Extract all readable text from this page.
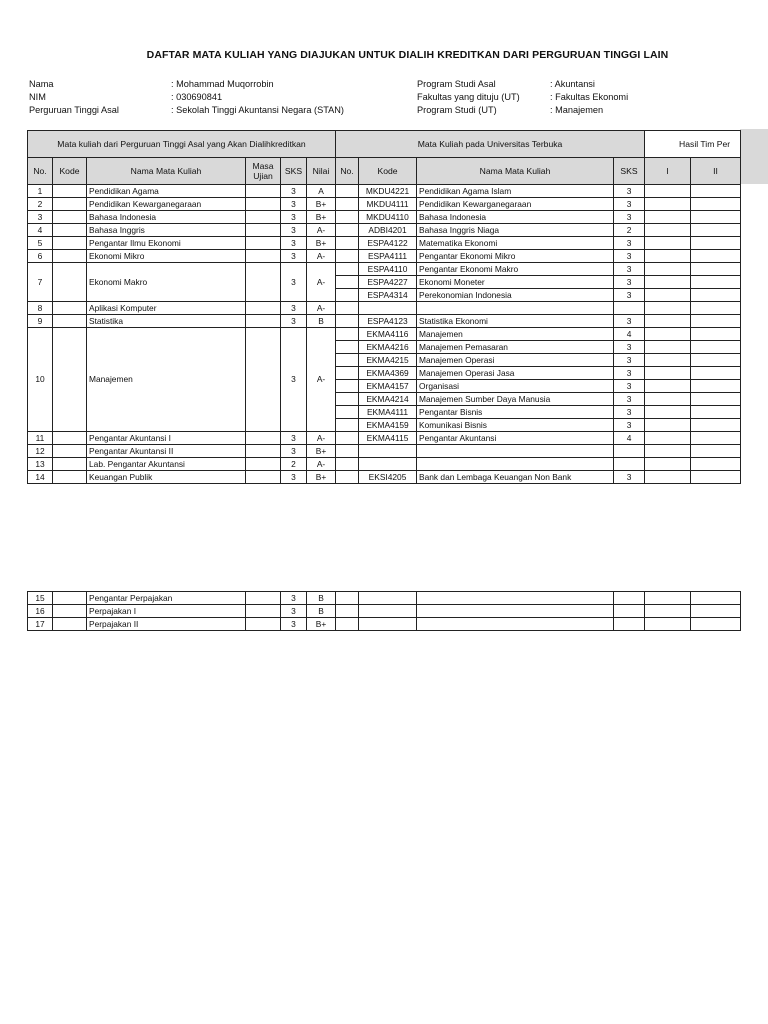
DAFTAR MATA KULIAH YANG DIAJUKAN UNTUK DIALIH KREDITKAN DARI PERGURUAN TINGGI LAIN
Nama	: Mohammad Muqorrobin
NIM	: 030690841
Perguruan Tinggi Asal	: Sekolah Tinggi Akuntansi Negara (STAN)
Program Studi Asal	: Akuntansi
Fakultas yang dituju (UT)	: Fakultas Ekonomi
Program Studi (UT)	: Manajemen
Mata kuliah dari Perguruan Tinggi Asal yang Akan Dialihkreditkan						Mata Kuliah pada Universitas Terbuka				Hasil Tim Per	
No.	Kode	Nama Mata Kuliah	Masa Ujian	SKS	Nilai	No.	Kode	Nama Mata Kuliah	SKS	I	II
1		Pendidikan Agama		3	A		MKDU4221	Pendidikan Agama Islam	3		
2		Pendidikan Kewarganegaraan		3	B+		MKDU4111	Pendidikan Kewarganegaraan	3		
3		Bahasa Indonesia		3	B+		MKDU4110	Bahasa Indonesia	3		
4		Bahasa Inggris		3	A-		ADBI4201	Bahasa Inggris Niaga	2		
5		Pengantar Ilmu Ekonomi		3	B+		ESPA4122	Matematika Ekonomi	3		
6		Ekonomi Mikro		3	A-		ESPA4111	Pengantar Ekonomi Mikro	3		
7		Ekonomi Makro		3	A-		ESPA4110	Pengantar Ekonomi Makro	3		
							ESPA4227	Ekonomi Moneter	3		
							ESPA4314	Perekonomian Indonesia	3		
8		Aplikasi Komputer		3	A-						
9		Statistika		3	B		ESPA4123	Statistika Ekonomi	3		
10		Manajemen		3	A-		EKMA4116	Manajemen	4		
							EKMA4216	Manajemen Pemasaran	3		
							EKMA4215	Manajemen Operasi	3		
							EKMA4369	Manajemen Operasi Jasa	3		
							EKMA4157	Organisasi	3		
							EKMA4214	Manajemen Sumber Daya Manusia	3		
							EKMA4111	Pengantar Bisnis	3		
							EKMA4159	Komunikasi Bisnis	3		
11		Pengantar Akuntansi I		3	A-		EKMA4115	Pengantar Akuntansi	4		
12		Pengantar Akuntansi II		3	B+						
13		Lab. Pengantar Akuntansi		2	A-						
14		Keuangan Publik		3	B+		EKSI4205	Bank dan Lembaga Keuangan Non Bank	3		
15		Pengantar Perpajakan		3	B						
16		Perpajakan I		3	B						
17		Perpajakan II		3	B+						
